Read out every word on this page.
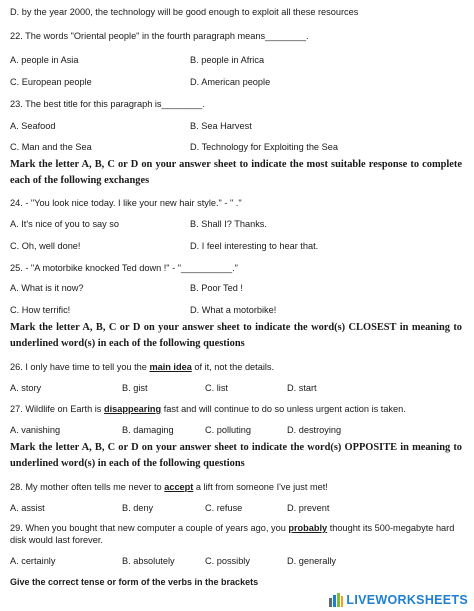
D. by the year 2000, the technology will be good enough to exploit all these resources
22. The words "Oriental people" in the fourth paragraph means________.
A. people in Asia	B. people in Africa
C. European people	D. American people
23. The best title for this paragraph is________.
A. Seafood	B. Sea Harvest
C. Man and the Sea	D. Technology for Exploiting the Sea
Mark the letter A, B, C or D on your answer sheet to indicate the most suitable response to complete each of the following exchanges
24. - "You look nice today. I like your new hair style." - " ."
A. It's nice of you to say so	B. Shall I? Thanks.
C. Oh, well done!	D. I feel interesting to hear that.
25. - "A motorbike knocked Ted down !" - "__________."
A. What is it now?	B. Poor Ted !
C. How terrific!	D. What a motorbike!
Mark the letter A, B, C or D on your answer sheet to indicate the word(s) CLOSEST in meaning to underlined word(s) in each of the following questions
26. I only have time to tell you the main idea of it, not the details.
A. story	B. gist	C. list	D. start
27. Wildlife on Earth is disappearing fast and will continue to do so unless urgent action is taken.
A. vanishing	B. damaging	C. polluting	D. destroying
Mark the letter A, B, C or D on your answer sheet to indicate the word(s) OPPOSITE in meaning to underlined word(s) in each of the following questions
28. My mother often tells me never to accept a lift from someone I've just met!
A. assist	B. deny	C. refuse	D. prevent
29. When you bought that new computer a couple of years ago, you probably thought its 500-megabyte hard disk would last forever.
A. certainly	B. absolutely	C. possibly	D. generally
Give the correct tense or form of the verbs in the brackets
LIVEWORKSHEETS
